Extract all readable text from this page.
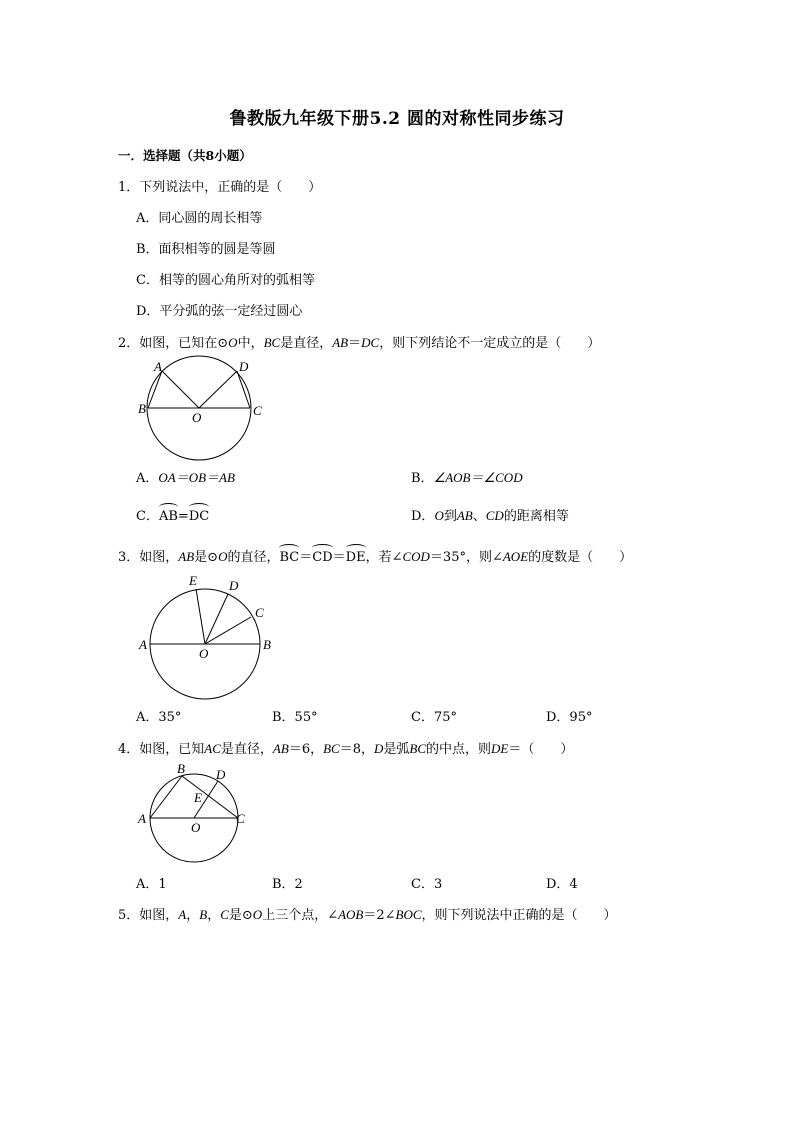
鲁教版九年级下册5.2 圆的对称性同步练习
一．选择题（共8小题）
1．下列说法中，正确的是（　　）
A．同心圆的周长相等
B．面积相等的圆是等圆
C．相等的圆心角所对的弧相等
D．平分弧的弦一定经过圆心
2．如图，已知在⊙O中，BC是直径，AB＝DC，则下列结论不一定成立的是（　　）
A	D
B	C
O
A．OA＝OB＝AB	B．∠AOB＝∠COD
C．AB=DC	D．O到AB、CD的距离相等
3．如图，AB是⊙O的直径，BC＝CD＝DE，若∠COD＝35°，则∠AOE的度数是（　　）
E D
C
A
O
B
A．35°	B．55°	C．75°	D．95°
4．如图，已知AC是直径，AB＝6，BC＝8，D是弧BC的中点，则DE＝（　　）
B D
E
A
O
C
A．1	B．2	C．3	D．4
5．如图，A，B，C是⊙O上三个点，∠AOB＝2∠BOC，则下列说法中正确的是（　　）
